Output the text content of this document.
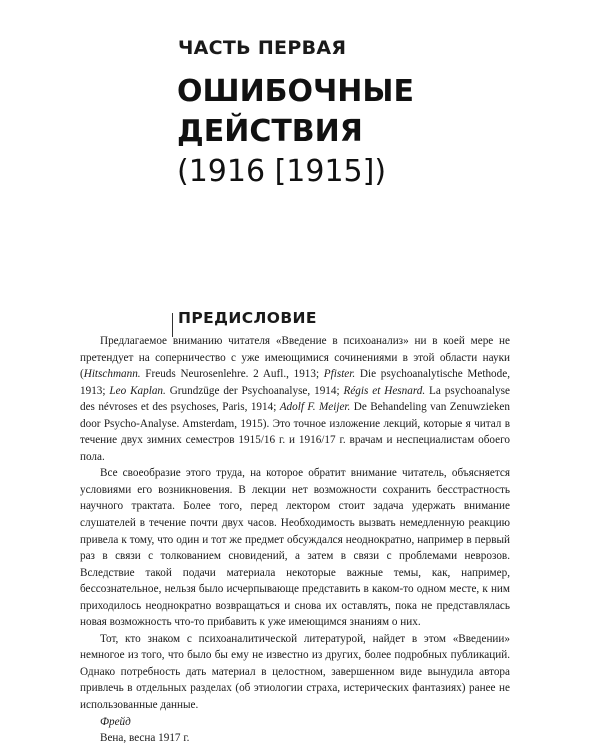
ЧАСТЬ ПЕРВАЯ
ОШИБОЧНЫЕ
ДЕЙСТВИЯ
(1916 [1915])
ПРЕДИСЛОВИЕ

Предлагаемое вниманию читателя «Введение в психоанализ» ни в коей мере не претендует на соперничество с уже имеющимися сочинениями в этой области науки (Hitschmann. Freuds Neurosenlehre. 2 Aufl., 1913; Pfister. Die psychoanalytische Methode, 1913; Leo Kaplan. Grundzüge der Psychoanalyse, 1914; Régis et Hesnard. La psychoanalyse des névroses et des psychoses, Paris, 1914; Adolf F. Meijer. De Behandeling van Zenuwzieken door Psycho-Analyse. Amsterdam, 1915). Это точное изложение лекций, которые я читал в течение двух зимних семестров 1915/16 г. и 1916/17 г. врачам и неспециалистам обоего пола.

Все своеобразие этого труда, на которое обратит внимание читатель, объясняется условиями его возникновения. В лекции нет возможности сохранить бесстрастность научного трактата. Более того, перед лектором стоит задача удержать внимание слушателей в течение почти двух часов. Необходимость вызвать немедленную реакцию привела к тому, что один и тот же предмет обсуждался неоднократно, например в первый раз в связи с толкованием сновидений, а затем в связи с проблемами неврозов. Вследствие такой подачи материала некоторые важные темы, как, например, бессознательное, нельзя было исчерпывающе представить в каком-то одном месте, к ним приходилось неоднократно возвращаться и снова их оставлять, пока не представлялась новая возможность что-то прибавить к уже имеющимся знаниям о них.

Тот, кто знаком с психоаналитической литературой, найдет в этом «Введении» немногое из того, что было бы ему не известно из других, более подробных публикаций. Однако потребность дать материал в целостном, завершенном виде вынудила автора привлечь в отдельных разделах (об этиологии страха, истерических фантазиях) ранее не использованные данные.

Фрейд

Вена, весна 1917 г.
